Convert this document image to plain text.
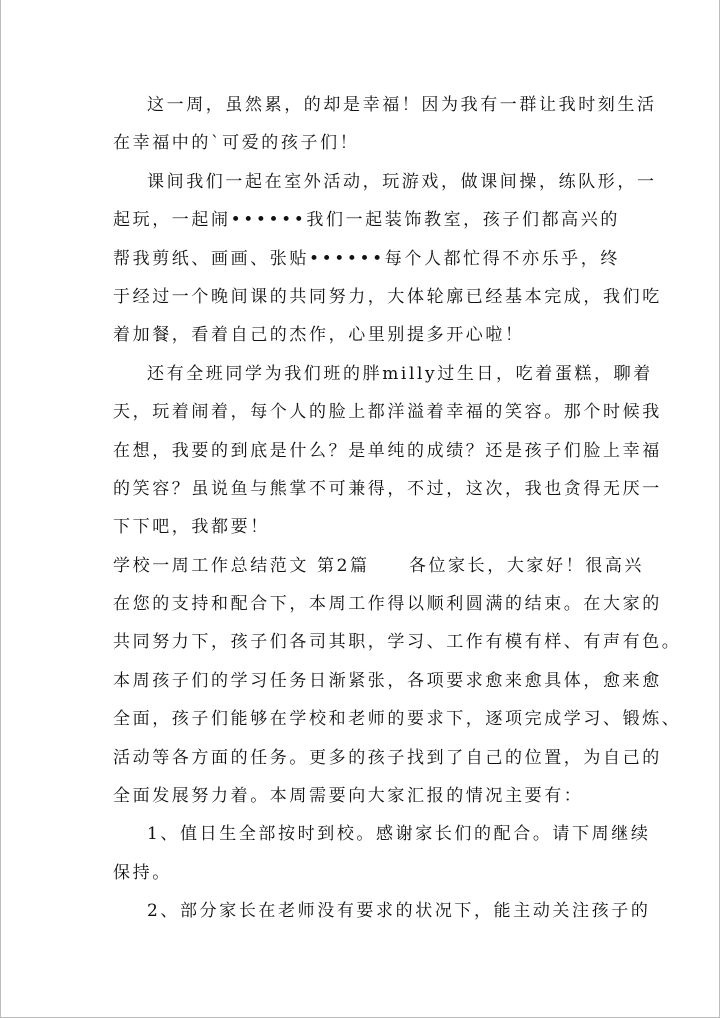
这一周，虽然累，的却是幸福！因为我有一群让我时刻生活
在幸福中的`可爱的孩子们！
课间我们一起在室外活动，玩游戏，做课间操，练队形，一
起玩，一起闹••••••我们一起装饰教室，孩子们都高兴的
帮我剪纸、画画、张贴••••••每个人都忙得不亦乐乎，终
于经过一个晚间课的共同努力，大体轮廓已经基本完成，我们吃
着加餐，看着自己的杰作，心里别提多开心啦！
还有全班同学为我们班的胖milly过生日，吃着蛋糕，聊着
天，玩着闹着，每个人的脸上都洋溢着幸福的笑容。那个时候我
在想，我要的到底是什么？是单纯的成绩？还是孩子们脸上幸福
的笑容？虽说鱼与熊掌不可兼得，不过，这次，我也贪得无厌一
下下吧，我都要！
学校一周工作总结范文 第2篇　　各位家长，大家好！很高兴
在您的支持和配合下，本周工作得以顺利圆满的结束。在大家的
共同努力下，孩子们各司其职，学习、工作有模有样、有声有色。
本周孩子们的学习任务日渐紧张，各项要求愈来愈具体，愈来愈
全面，孩子们能够在学校和老师的要求下，逐项完成学习、锻炼、
活动等各方面的任务。更多的孩子找到了自己的位置，为自己的
全面发展努力着。本周需要向大家汇报的情况主要有：
1、值日生全部按时到校。感谢家长们的配合。请下周继续
保持。
2、部分家长在老师没有要求的状况下，能主动关注孩子的
